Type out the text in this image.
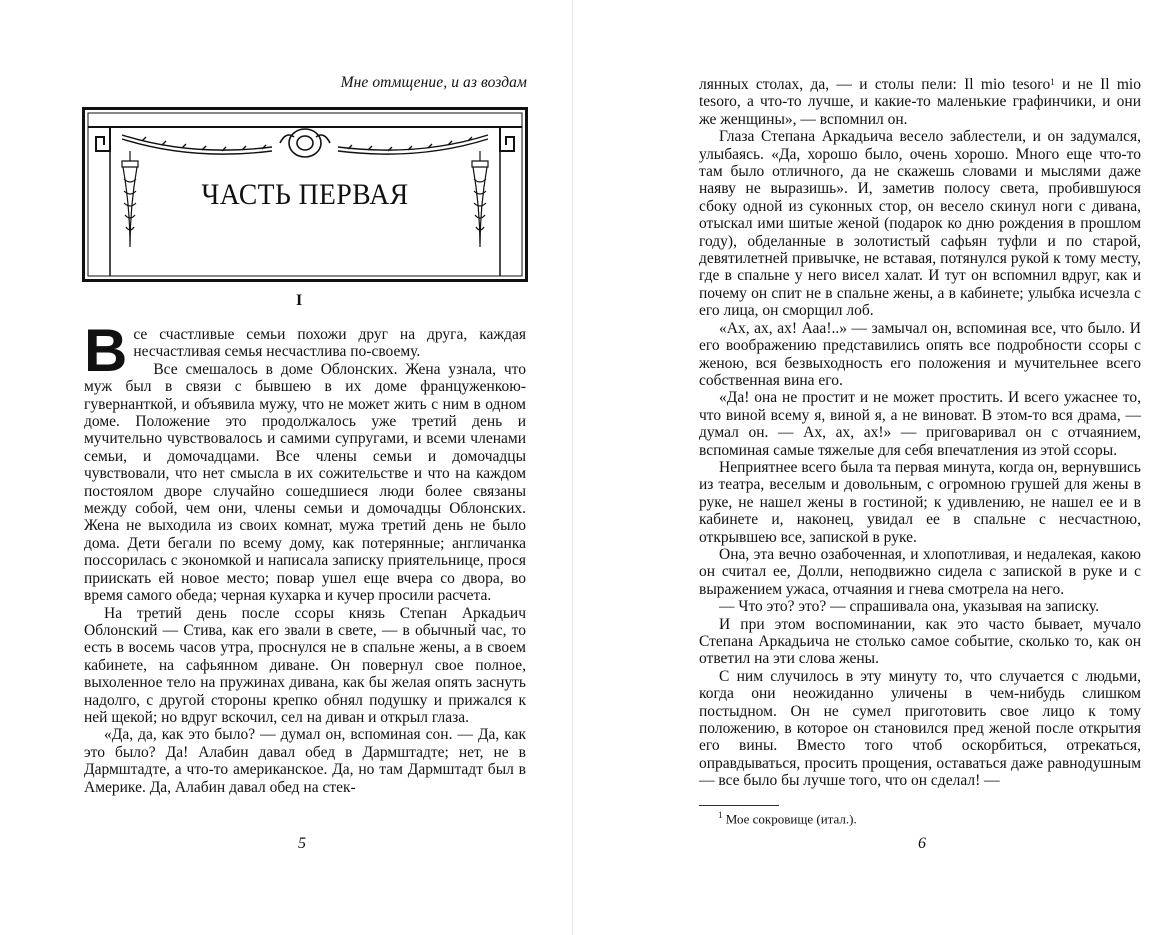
Мне отмщение, и аз воздам
ЧАСТЬ ПЕРВАЯ
I

Все счастливые семьи похожи друг на друга, каждая несчастливая семья несчастлива по-своему.

Все смешалось в доме Облонских. Жена узнала, что муж был в связи с бывшею в их доме француженкою-гувернанткой, и объявила мужу, что не может жить с ним в одном доме. Положение это продолжалось уже третий день и мучительно чувствовалось и самими супругами, и всеми членами семьи, и домочадцами. Все члены семьи и домочадцы чувствовали, что нет смысла в их сожительстве и что на каждом постоялом дворе случайно сошедшиеся люди более связаны между собой, чем они, члены семьи и домочадцы Облонских. Жена не выходила из своих комнат, мужа третий день не было дома. Дети бегали по всему дому, как потерянные; англичанка поссорилась с экономкой и написала записку приятельнице, прося приискать ей новое место; повар ушел еще вчера со двора, во время самого обеда; черная кухарка и кучер просили расчета.

На третий день после ссоры князь Степан Аркадьич Облонский — Стива, как его звали в свете, — в обычный час, то есть в восемь часов утра, проснулся не в спальне жены, а в своем кабинете, на сафьянном диване. Он повернул свое полное, выхоленное тело на пружинах дивана, как бы желая опять заснуть надолго, с другой стороны крепко обнял подушку и прижался к ней щекой; но вдруг вскочил, сел на диван и открыл глаза.

«Да, да, как это было? — думал он, вспоминая сон. — Да, как это было? Да! Алабин давал обед в Дармштадте; нет, не в Дармштадте, а что-то американское. Да, но там Дармштадт был в Америке. Да, Алабин давал обед на стек-

5

лянных столах, да, — и столы пели: Il mio tesoro$^1$ и не Il mio tesoro, а что-то лучше, и какие-то маленькие графинчики, и они же женщины», — вспомнил он.

Глаза Степана Аркадьича весело заблестели, и он задумался, улыбаясь. «Да, хорошо было, очень хорошо. Много еще что-то там было отличного, да не скажешь словами и мыслями даже наяву не выразишь». И, заметив полосу света, пробившуюся сбоку одной из суконных стор, он весело скинул ноги с дивана, отыскал ими шитые женой (подарок ко дню рождения в прошлом году), обделанные в золотистый сафьян туфли и по старой, девятилетней привычке, не вставая, потянулся рукой к тому месту, где в спальне у него висел халат. И тут он вспомнил вдруг, как и почему он спит не в спальне жены, а в кабинете; улыбка исчезла с его лица, он сморщил лоб.

«Ах, ах, ах! Ааа!..» — замычал он, вспоминая все, что было. И его воображению представились опять все подробности ссоры с женою, вся безвыходность его положения и мучительнее всего собственная вина его.

«Да! она не простит и не может простить. И всего ужаснее то, что виной всему я, виной я, а не виноват. В этом-то вся драма, — думал он. — Ах, ах, ах!» — приговаривал он с отчаянием, вспоминая самые тяжелые для себя впечатления из этой ссоры.

Неприятнее всего была та первая минута, когда он, вернувшись из театра, веселым и довольным, с огромною грушей для жены в руке, не нашел жены в гостиной; к удивлению, не нашел ее и в кабинете и, наконец, увидал ее в спальне с несчастною, открывшею все, запиской в руке.

Она, эта вечно озабоченная, и хлопотливая, и недалекая, какою он считал ее, Долли, неподвижно сидела с запиской в руке и с выражением ужаса, отчаяния и гнева смотрела на него.

— Что это? это? — спрашивала она, указывая на записку.

И при этом воспоминании, как это часто бывает, мучало Степана Аркадьича не столько самое событие, сколько то, как он ответил на эти слова жены.

С ним случилось в эту минуту то, что случается с людьми, когда они неожиданно уличены в чем-нибудь слишком постыдном. Он не сумел приготовить свое лицо к тому положению, в которое он становился пред женой после открытия его вины. Вместо того чтоб оскорбиться, отрекаться, оправдываться, просить прощения, оставаться даже равнодушным — все было бы лучше того, что он сделал! —

$^1$ Мое сокровище (итал.).
6
